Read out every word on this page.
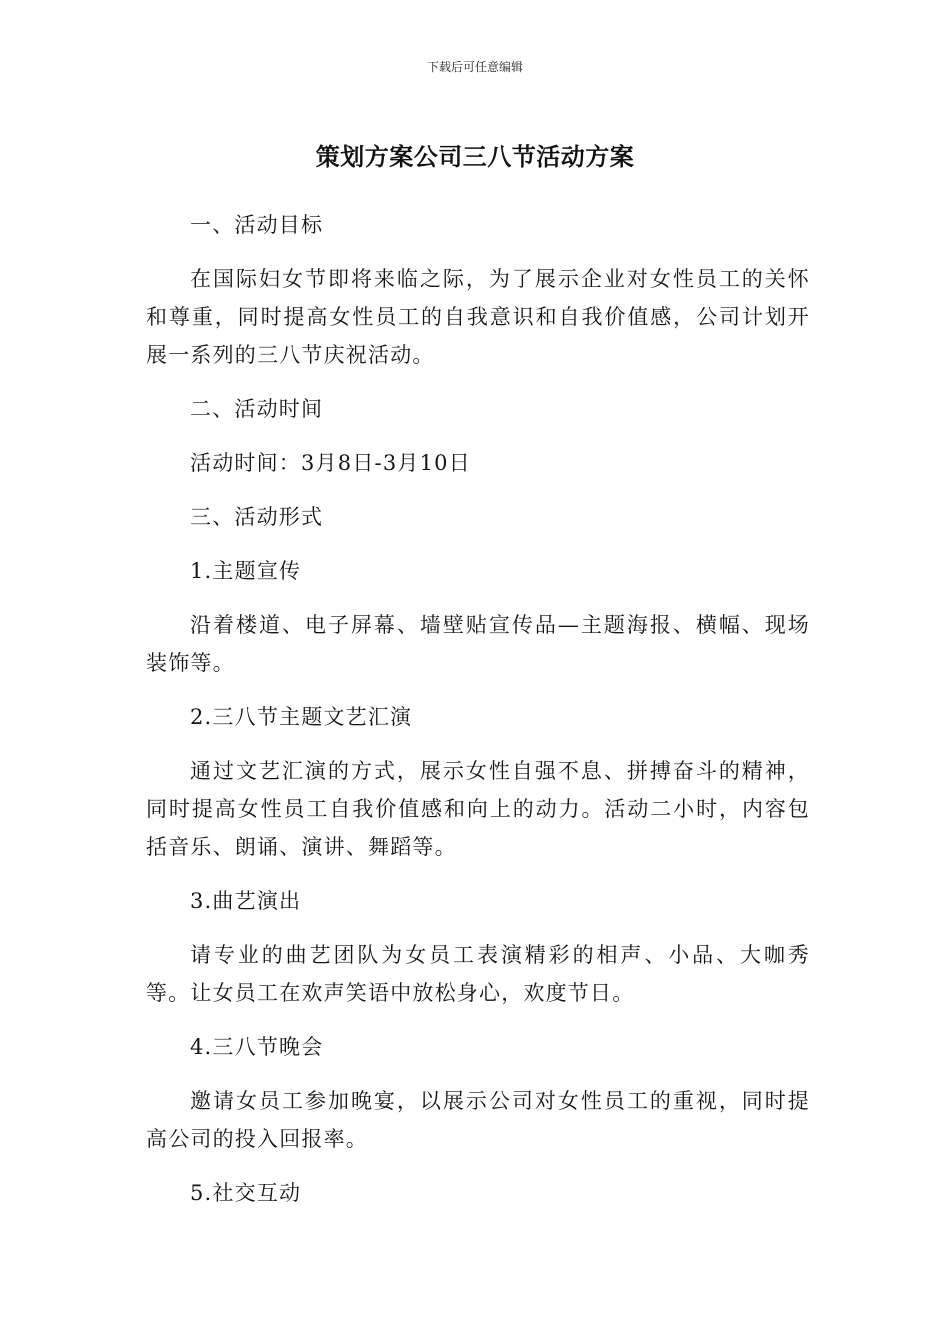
下载后可任意编辑
策划方案公司三八节活动方案

一、活动目标

在国际妇女节即将来临之际，为了展示企业对女性员工的关怀和尊重，同时提高女性员工的自我意识和自我价值感，公司计划开展一系列的三八节庆祝活动。

二、活动时间

活动时间：3月8日-3月10日

三、活动形式

1.主题宣传

沿着楼道、电子屏幕、墙壁贴宣传品—主题海报、横幅、现场装饰等。

2.三八节主题文艺汇演

通过文艺汇演的方式，展示女性自强不息、拼搏奋斗的精神，同时提高女性员工自我价值感和向上的动力。活动二小时，内容包括音乐、朗诵、演讲、舞蹈等。

3.曲艺演出

请专业的曲艺团队为女员工表演精彩的相声、小品、大咖秀等。让女员工在欢声笑语中放松身心，欢度节日。

4.三八节晚会

邀请女员工参加晚宴，以展示公司对女性员工的重视，同时提高公司的投入回报率。

5.社交互动
